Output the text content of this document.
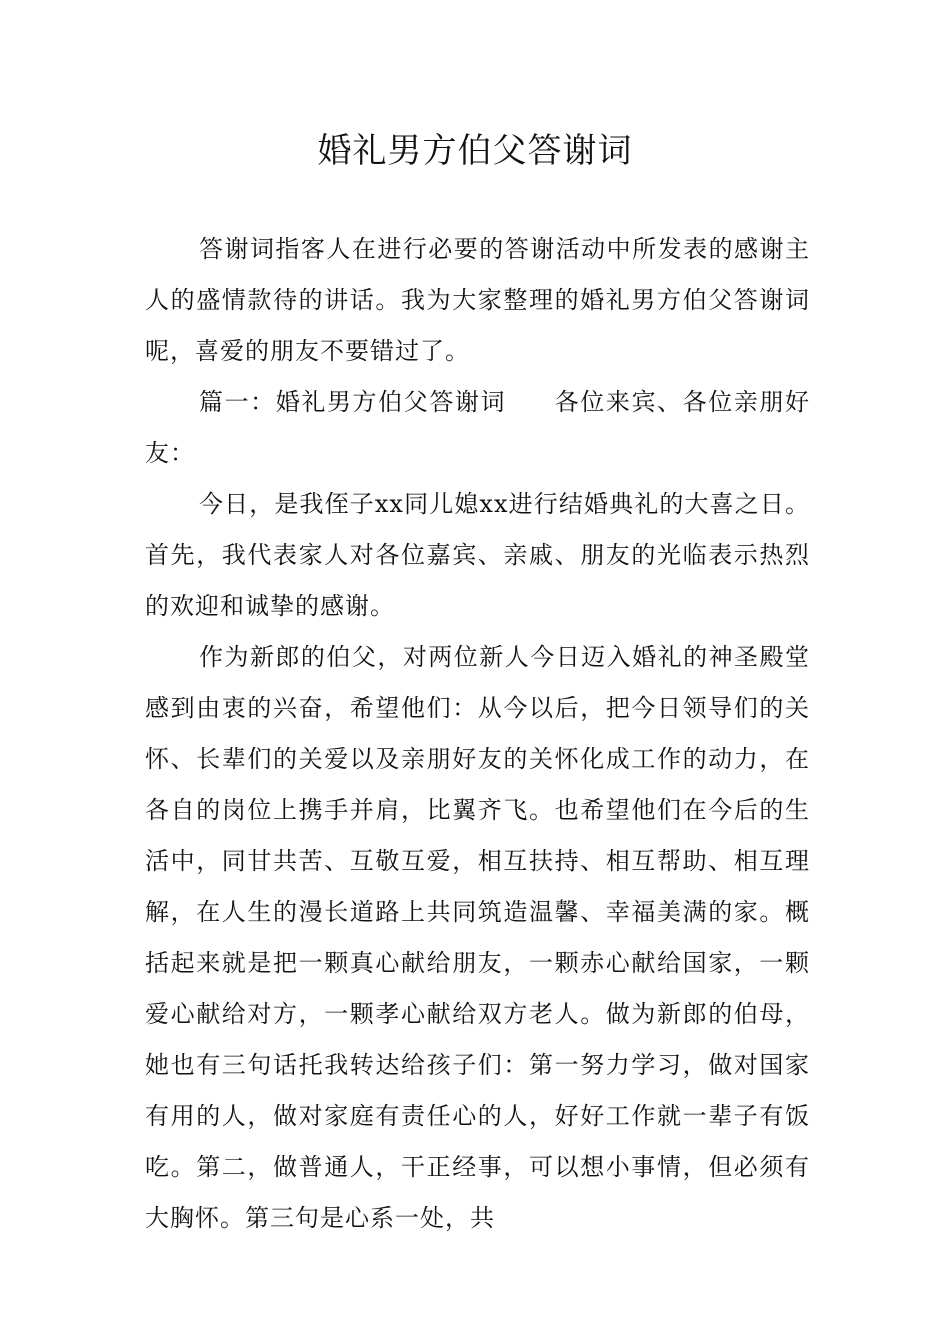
婚礼男方伯父答谢词

答谢词指客人在进行必要的答谢活动中所发表的感谢主人的盛情款待的讲话。我为大家整理的婚礼男方伯父答谢词呢，喜爱的朋友不要错过了。

篇一：婚礼男方伯父答谢词 各位来宾、各位亲朋好友：

今日，是我侄子xx同儿媳xx进行结婚典礼的大喜之日。首先，我代表家人对各位嘉宾、亲戚、朋友的光临表示热烈的欢迎和诚挚的感谢。

作为新郎的伯父，对两位新人今日迈入婚礼的神圣殿堂感到由衷的兴奋，希望他们：从今以后，把今日领导们的关怀、长辈们的关爱以及亲朋好友的关怀化成工作的动力，在各自的岗位上携手并肩，比翼齐飞。也希望他们在今后的生活中，同甘共苦、互敬互爱，相互扶持、相互帮助、相互理解，在人生的漫长道路上共同筑造温馨、幸福美满的家。概括起来就是把一颗真心献给朋友，一颗赤心献给国家，一颗爱心献给对方，一颗孝心献给双方老人。做为新郎的伯母，她也有三句话托我转达给孩子们：第一努力学习，做对国家有用的人，做对家庭有责任心的人，好好工作就一辈子有饭吃。第二，做普通人，干正经事，可以想小事情，但必须有大胸怀。第三句是心系一处，共
